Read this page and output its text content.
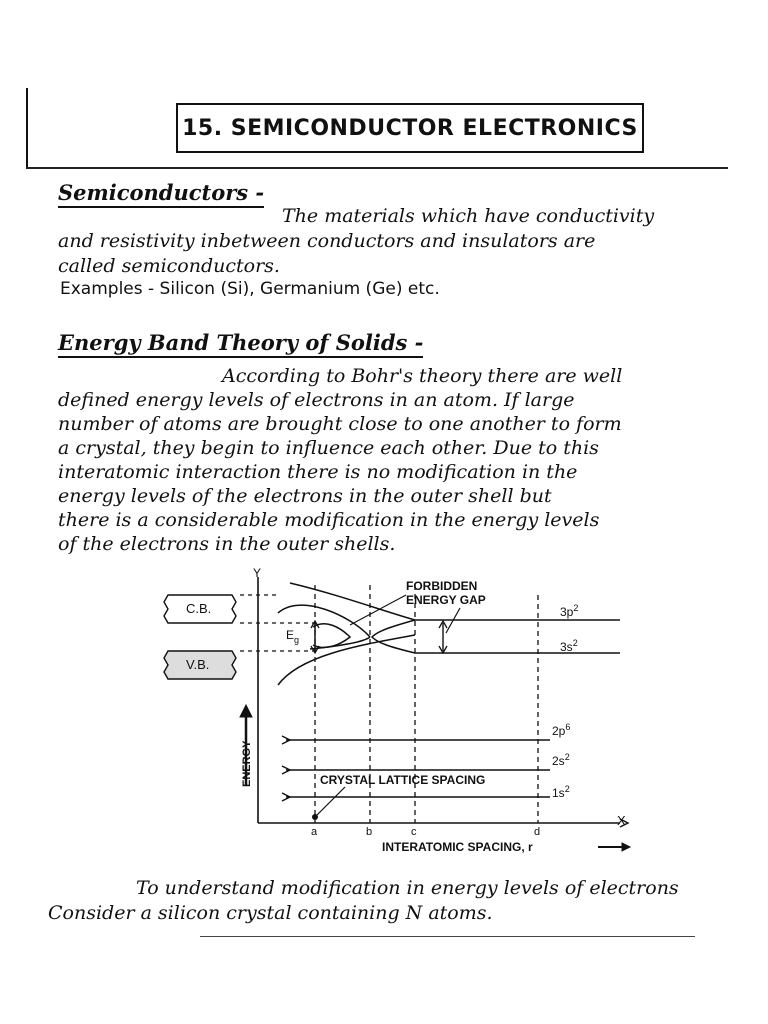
15. SEMICONDUCTOR ELECTRONICS
Semiconductors -
The materials which have conductivity
and resistivity inbetween conductors and insulators are
called semiconductors.
Examples - Silicon (Si), Germanium (Ge) etc.
Energy Band Theory of Solids -
According to Bohr's theory there are well
defined energy levels of electrons in an atom. If large
number of atoms are brought close to one another to form
a crystal, they begin to influence each other. Due to this
interatomic interaction there is no modification in the
energy levels of the electrons in the outer shell but
there is a considerable modification in the energy levels
of the electrons in the outer shells.
Y
X
C.B.
V.B.
$E_g$
FORBIDDEN
ENERGY GAP
$3p^2$
$3s^2$
ENERGY
$2p^6$
$2s^2$
$1s^2$
CRYSTAL LATTICE SPACING
a	b	c	d
INTERATOMIC SPACING, r
To understand modification in energy levels of electrons
Consider a silicon crystal containing N atoms.
